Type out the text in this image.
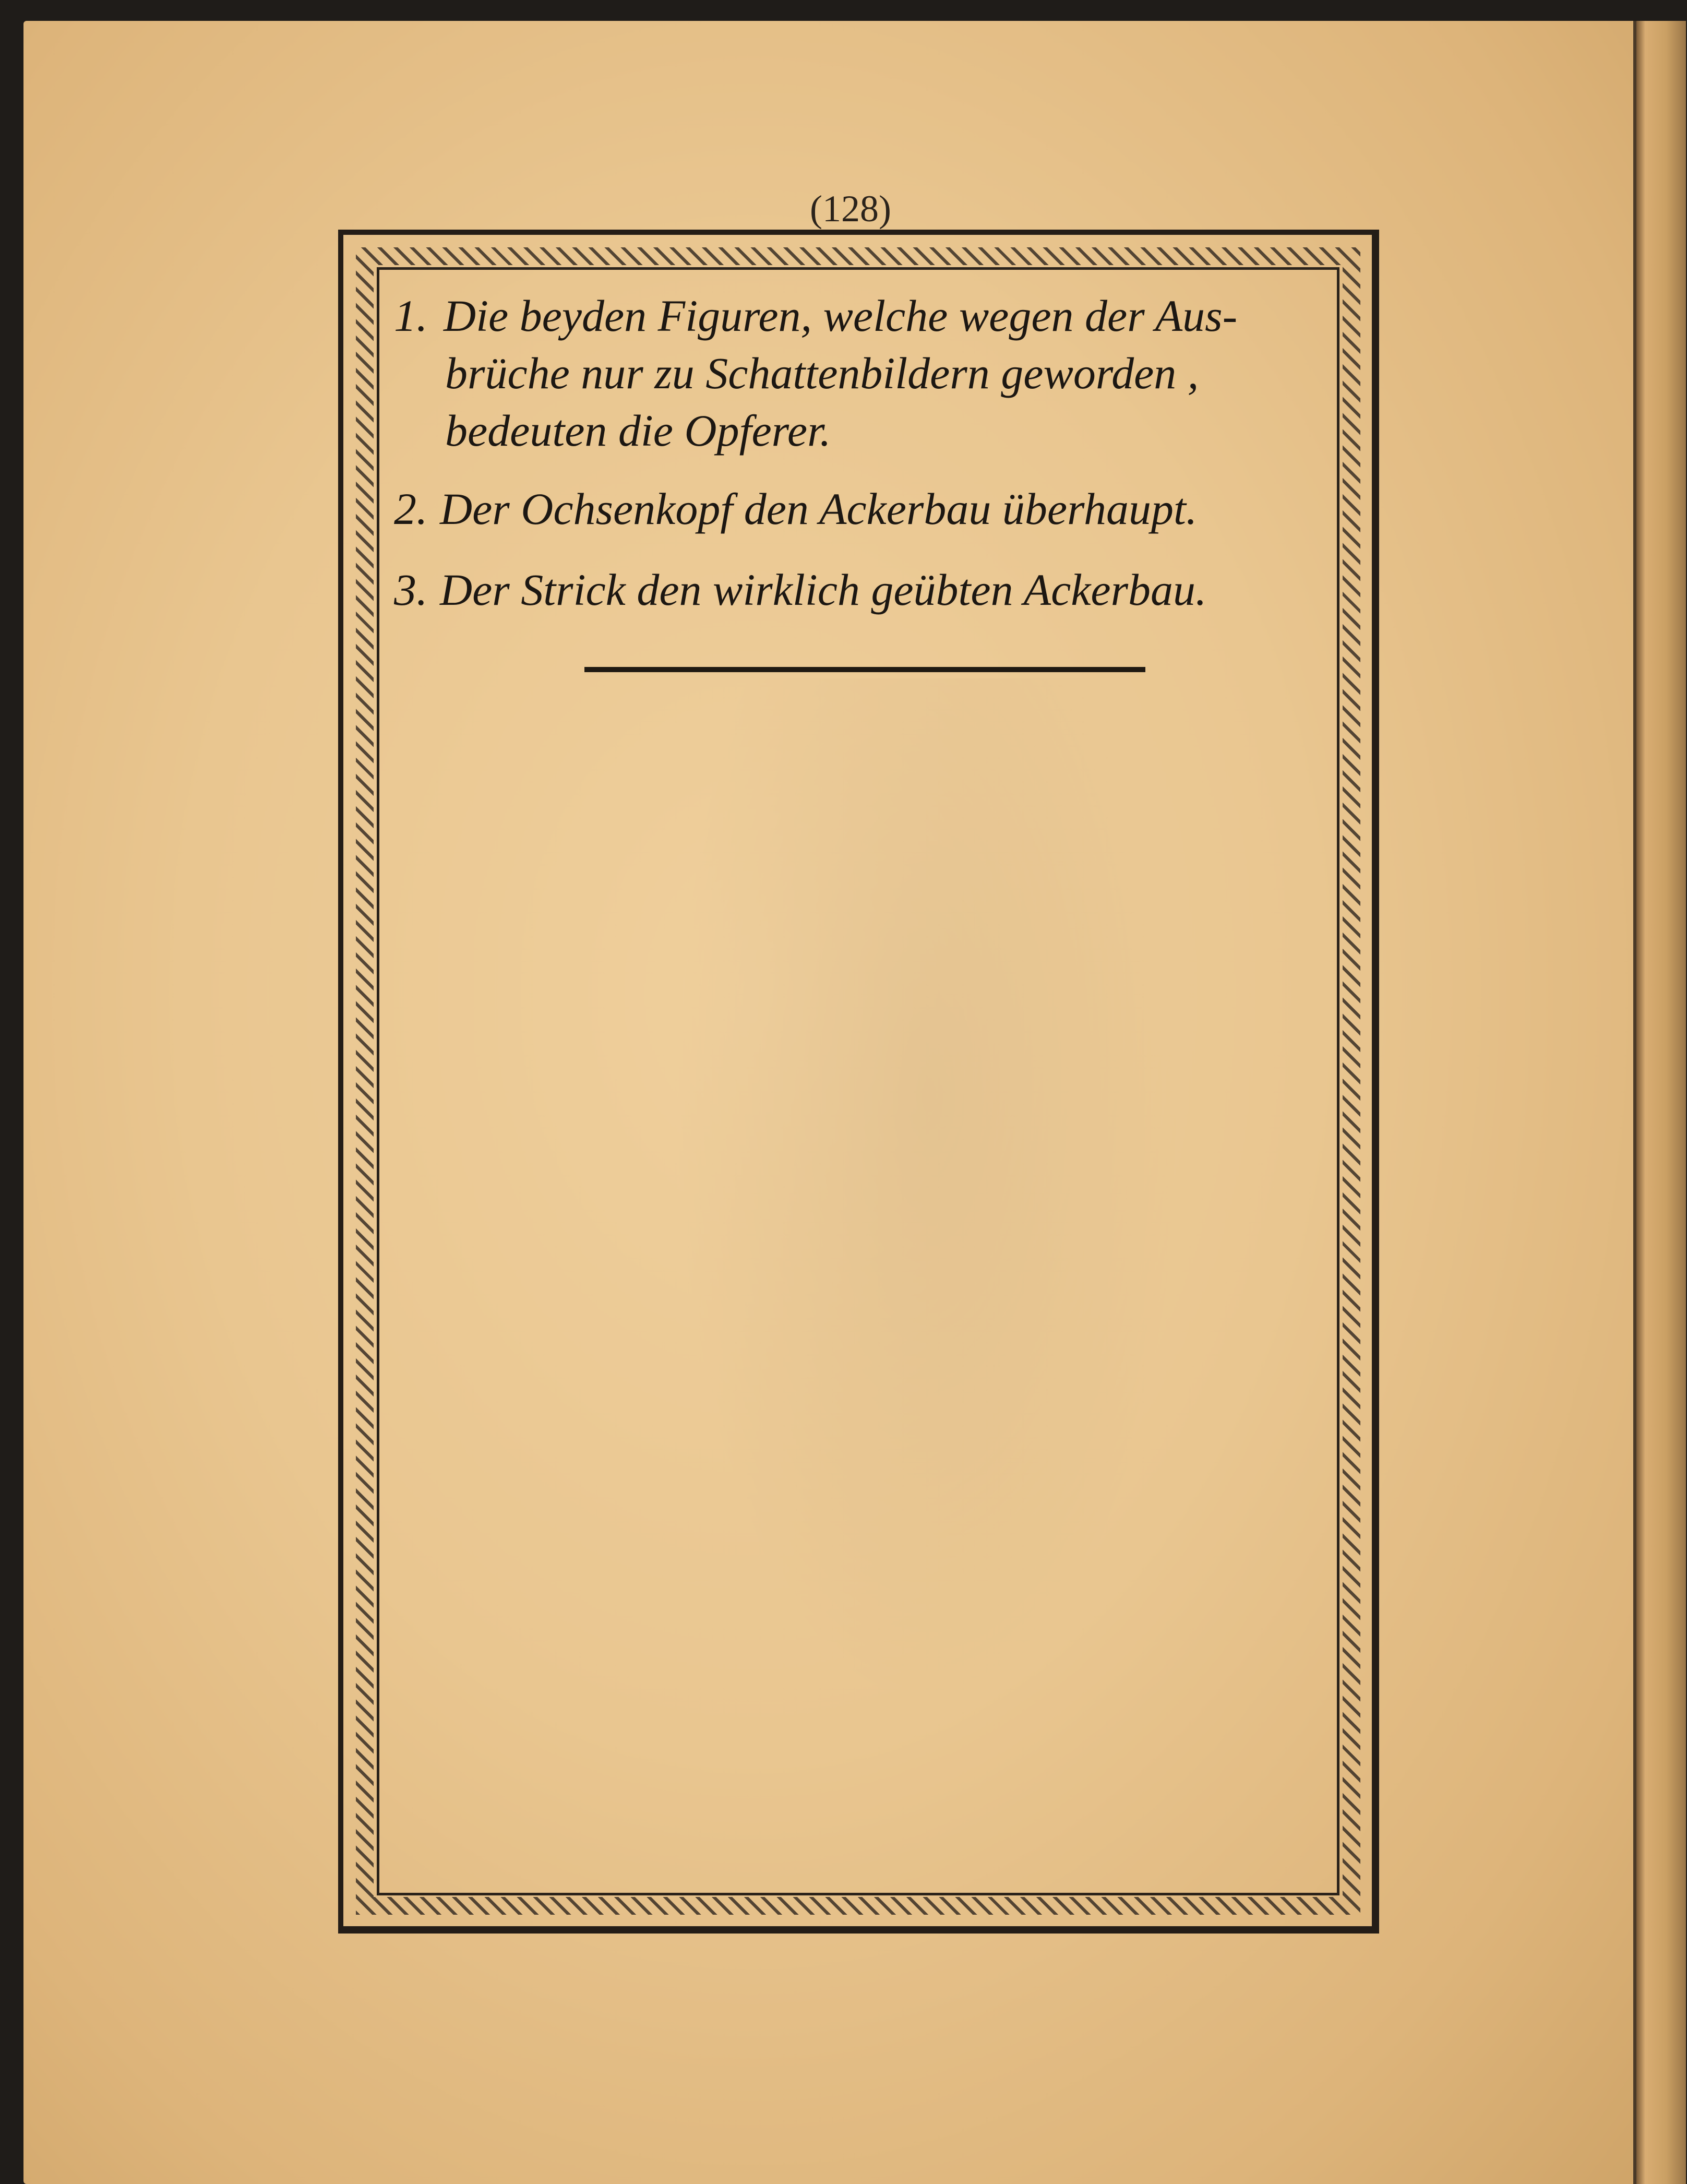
(128)
1. Die beyden Figuren, welche wegen der Aus-
brüche nur zu Schattenbildern geworden ,
bedeuten die Opferer.
2. Der Ochsenkopf den Ackerbau überhaupt.
3. Der Strick den wirklich geübten Ackerbau.
